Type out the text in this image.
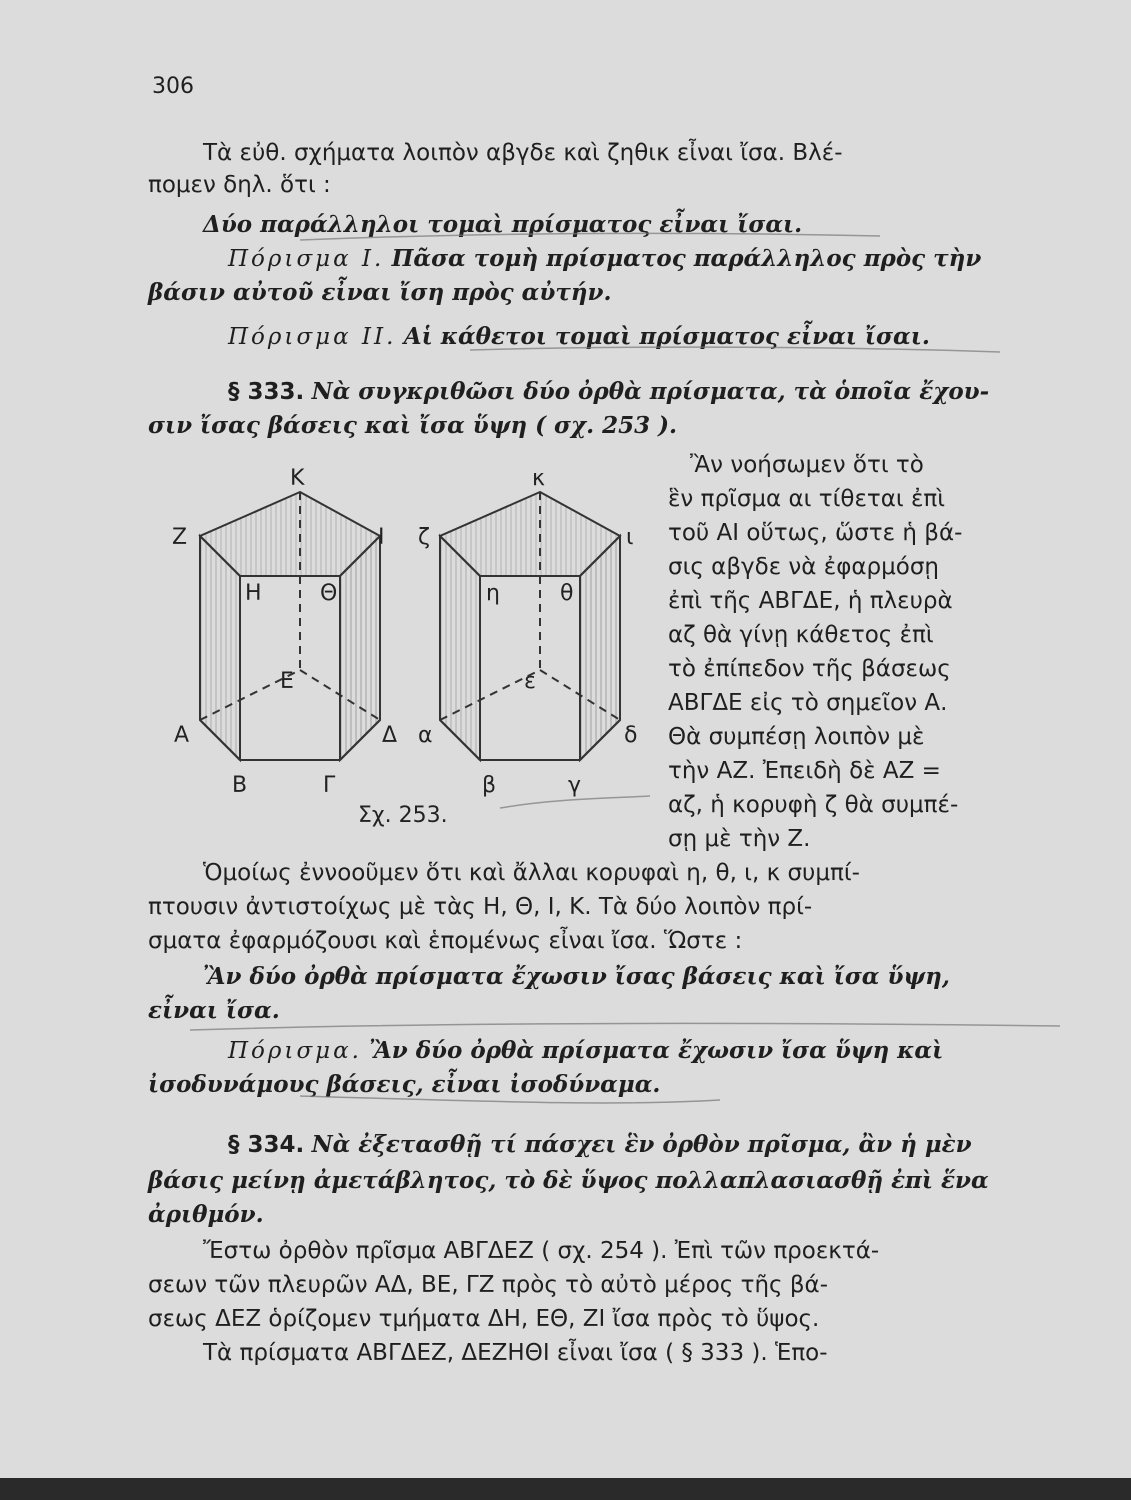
306
Τὰ εὐθ. σχήματα λοιπὸν αβγδε καὶ ζηθικ εἶναι ἴσα. Βλέ-
πομεν δηλ. ὅτι :
Δύο παράλληλοι τομαὶ πρίσματος εἶναι ἴσαι.
Πόρισμα Ι. Πᾶσα τομὴ πρίσματος παράλληλος πρὸς τὴν
βάσιν αὐτοῦ εἶναι ἴση πρὸς αὐτήν.
Πόρισμα ΙΙ. Αἱ κάθετοι τομαὶ πρίσματος εἶναι ἴσαι.
§ 333. Νὰ συγκριθῶσι δύο ὀρθὰ πρίσματα, τὰ ὁποῖα ἔχου-
σιν ἴσας βάσεις καὶ ἴσα ὕψη ( σχ. 253 ).
Ἂν νοήσωμεν ὅτι τὸ
ἓν πρῖσμα αι τίθεται ἐπὶ
τοῦ ΑΙ οὕτως, ὥστε ἡ βά-
σις αβγδε νὰ ἐφαρμόσῃ
ἐπὶ τῆς ΑΒΓΔΕ, ἡ πλευρὰ
αζ θὰ γίνῃ κάθετος ἐπὶ
τὸ ἐπίπεδον τῆς βάσεως
ΑΒΓΔΕ εἰς τὸ σημεῖον Α.
Θὰ συμπέσῃ λοιπὸν μὲ
τὴν ΑΖ. Ἐπειδὴ δὲ ΑΖ =
αζ, ἡ κορυφὴ ζ θὰ συμπέ-
σῃ μὲ τὴν Ζ.
Κ
Ζ	Ι
Η	Θ
Ε
Α	Δ
Β	Γ
κ
ζ	ι
η	θ
ε
α	δ
β	γ
Σχ. 253.
Ὁμοίως ἐννοοῦμεν ὅτι καὶ ἄλλαι κορυφαὶ η, θ, ι, κ συμπί-
πτουσιν ἀντιστοίχως μὲ τὰς Η, Θ, Ι, Κ. Τὰ δύο λοιπὸν πρί-
σματα ἐφαρμόζουσι καὶ ἑπομένως εἶναι ἴσα. Ὥστε :
Ἂν δύο ὀρθὰ πρίσματα ἔχωσιν ἴσας βάσεις καὶ ἴσα ὕψη,
εἶναι ἴσα.
Πόρισμα. Ἂν δύο ὀρθὰ πρίσματα ἔχωσιν ἴσα ὕψη καὶ
ἰσοδυνάμους βάσεις, εἶναι ἰσοδύναμα.
§ 334. Νὰ ἐξετασθῇ τί πάσχει ἓν ὀρθὸν πρῖσμα, ἂν ἡ μὲν
βάσις μείνῃ ἀμετάβλητος, τὸ δὲ ὕψος πολλαπλασιασθῇ ἐπὶ ἕνα
ἀριθμόν.
Ἔστω ὀρθὸν πρῖσμα ΑΒΓΔΕΖ ( σχ. 254 ). Ἐπὶ τῶν προεκτά-
σεων τῶν πλευρῶν ΑΔ, ΒΕ, ΓΖ πρὸς τὸ αὐτὸ μέρος τῆς βά-
σεως ΔΕΖ ὁρίζομεν τμήματα ΔΗ, ΕΘ, ΖΙ ἴσα πρὸς τὸ ὕψος.
Τὰ πρίσματα ΑΒΓΔΕΖ, ΔΕΖΗΘΙ εἶναι ἴσα ( § 333 ). Ἑπο-
